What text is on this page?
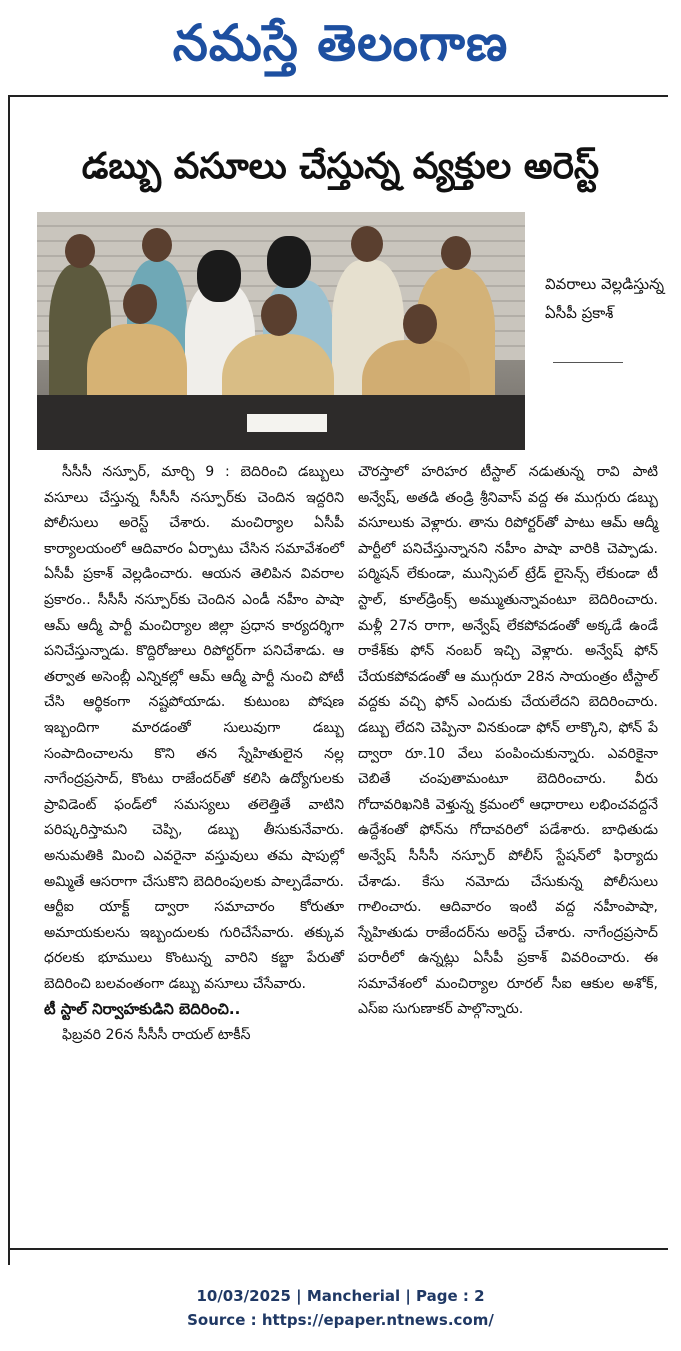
నమస్తే తెలంగాణ
డబ్బు వసూలు చేస్తున్న వ్యక్తుల అరెస్ట్
వివరాలు వెల్లడిస్తున్న ఏసీపీ ప్రకాశ్

సీసీసీ నస్పూర్, మార్చి 9 : బెదిరించి డబ్బులు వసూలు చేస్తున్న సీసీసీ నస్పూర్‌కు చెందిన ఇద్దరిని పోలీసులు అరెస్ట్ చేశారు. మంచిర్యాల ఏసీపీ కార్యాలయంలో ఆదివారం ఏర్పాటు చేసిన సమావేశంలో ఏసీపీ ప్రకాశ్ వెల్లడించారు. ఆయన తెలిపిన వివరాల ప్రకారం.. సీసీసీ నస్పూర్‌కు చెందిన ఎండీ నహీం పాషా ఆమ్ ఆద్మీ పార్టీ మంచిర్యాల జిల్లా ప్రధాన కార్యదర్శిగా పనిచేస్తున్నాడు. కొద్దిరోజులు రిపోర్టర్‌గా పనిచేశాడు. ఆ తర్వాత అసెంబ్లీ ఎన్నికల్లో ఆమ్ ఆద్మీ పార్టీ నుంచి పోటీ చేసి ఆర్థికంగా నష్టపోయాడు. కుటుంబ పోషణ ఇబ్బందిగా మారడంతో సులువుగా డబ్బు సంపాదించాలను కొని తన స్నేహితులైన నల్ల నాగేంద్రప్రసాద్, కొంటు రాజేందర్‌తో కలిసి ఉద్యోగులకు ప్రావిడెంట్ ఫండ్‌లో సమస్యలు తలెత్తితే వాటిని పరిష్కరిస్తామని చెప్పి, డబ్బు తీసుకునేవారు. అనుమతికి మించి ఎవరైనా వస్తువులు తమ షాపుల్లో అమ్మితే ఆసరాగా చేసుకొని బెదిరింపులకు పాల్పడేవారు. ఆర్టీఐ యాక్ట్ ద్వారా సమాచారం కోరుతూ అమాయకులను ఇబ్బందులకు గురిచేసేవారు. తక్కువ ధరలకు భూములు కొంటున్న వారిని కబ్జా పేరుతో బెదిరించి బలవంతంగా డబ్బు వసూలు చేసేవారు.

టీ స్టాల్ నిర్వాహకుడిని బెదిరించి..

ఫిబ్రవరి 26న సీసీసీ రాయల్ టాకీస్

చౌరస్తాలో హరిహర టీస్టాల్ నడుతున్న రావి పాటి అన్వేష్, అతడి తండ్రి శ్రీనివాస్ వద్ద ఈ ముగ్గురు డబ్బు వసూలుకు వెళ్లారు. తాను రిపోర్టర్‌తో పాటు ఆమ్ ఆద్మీ పార్టీలో పనిచేస్తున్నానని నహీం పాషా వారికి చెప్పాడు. పర్మిషన్ లేకుండా, మున్సిపల్ ట్రేడ్ లైసెన్స్ లేకుండా టీ స్టాల్, కూల్‌డ్రింక్స్ అమ్ముతున్నావంటూ బెదిరించారు. మళ్లీ 27న రాగా, అన్వేష్ లేకపోవడంతో అక్కడే ఉండే రాకేశ్‌కు ఫోన్ నంబర్ ఇచ్చి వెళ్లారు. అన్వేష్ ఫోన్ చేయకపోవడంతో ఆ ముగ్గురూ 28న సాయంత్రం టీస్టాల్ వద్దకు వచ్చి ఫోన్ ఎందుకు చేయలేదని బెదిరించారు. డబ్బు లేదని చెప్పినా వినకుండా ఫోన్ లాక్కొని, ఫోన్ పే ద్వారా రూ.10 వేలు పంపించుకున్నారు. ఎవరికైనా చెబితే చంపుతామంటూ బెదిరించారు. వీరు గోదావరిఖనికి వెళ్తున్న క్రమంలో ఆధారాలు లభించవద్దనే ఉద్దేశంతో ఫోన్‌ను గోదావరిలో పడేశారు. బాధితుడు అన్వేష్ సీసీసీ నస్పూర్ పోలీస్ స్టేషన్‌లో ఫిర్యాదు చేశాడు. కేసు నమోదు చేసుకున్న పోలీసులు గాలించారు. ఆదివారం ఇంటి వద్ద నహీంపాషా, స్నేహితుడు రాజేందర్‌ను అరెస్ట్ చేశారు. నాగేంద్రప్రసాద్ పరారీలో ఉన్నట్లు ఏసీపీ ప్రకాశ్ వివరించారు. ఈ సమావేశంలో మంచిర్యాల రూరల్ సీఐ ఆకుల అశోక్, ఎస్ఐ సుగుణాకర్ పాల్గొన్నారు.

10/03/2025 | Mancherial | Page : 2
Source : https://epaper.ntnews.com/
